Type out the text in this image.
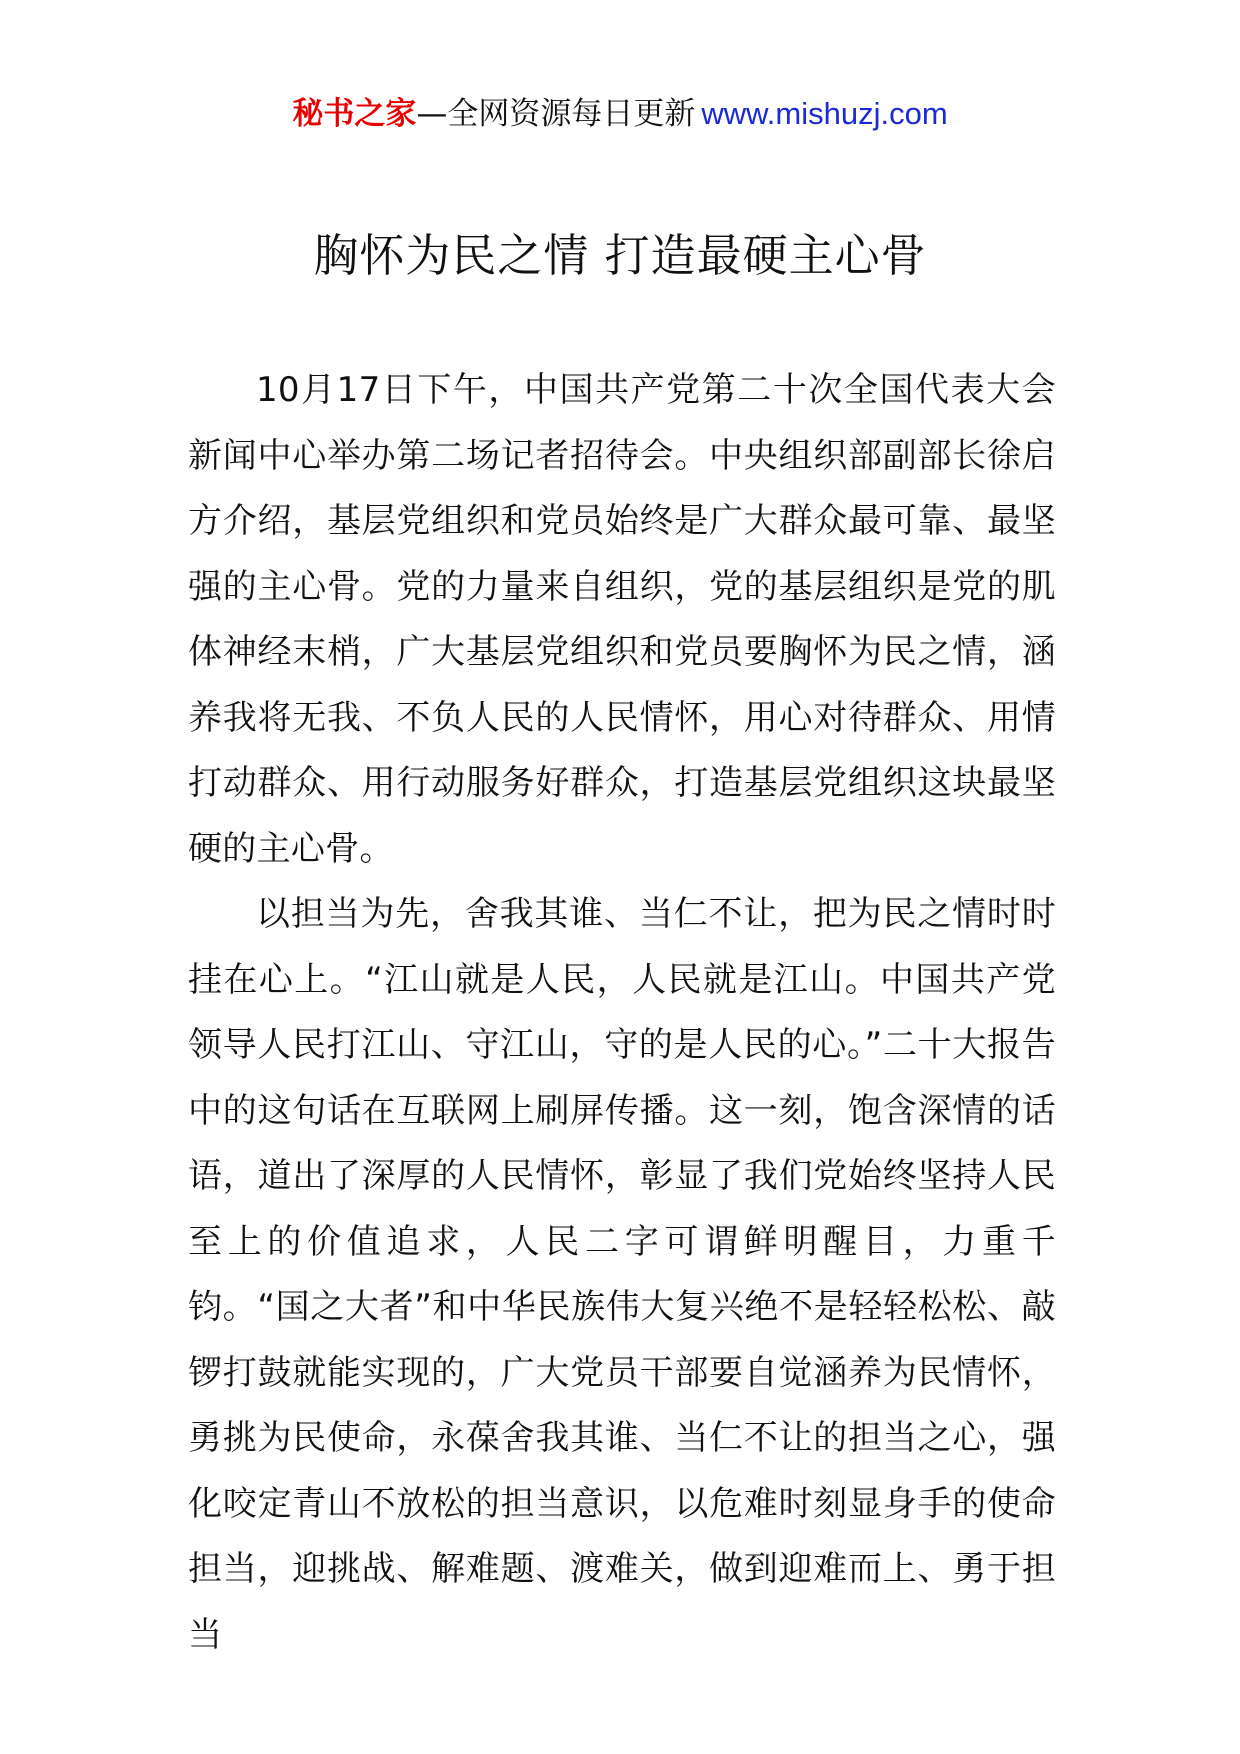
秘书之家—全网资源每日更新 www.mishuzj.com
胸怀为民之情 打造最硬主心骨

10月17日下午，中国共产党第二十次全国代表大会新闻中心举办第二场记者招待会。中央组织部副部长徐启方介绍，基层党组织和党员始终是广大群众最可靠、最坚强的主心骨。党的力量来自组织，党的基层组织是党的肌体神经末梢，广大基层党组织和党员要胸怀为民之情，涵养我将无我、不负人民的人民情怀，用心对待群众、用情打动群众、用行动服务好群众，打造基层党组织这块最坚硬的主心骨。

以担当为先，舍我其谁、当仁不让，把为民之情时时挂在心上。“江山就是人民，人民就是江山。中国共产党领导人民打江山、守江山，守的是人民的心。”二十大报告中的这句话在互联网上刷屏传播。这一刻，饱含深情的话语，道出了深厚的人民情怀，彰显了我们党始终坚持人民至上的价值追求，人民二字可谓鲜明醒目，力重千钧。“国之大者”和中华民族伟大复兴绝不是轻轻松松、敲锣打鼓就能实现的，广大党员干部要自觉涵养为民情怀，勇挑为民使命，永葆舍我其谁、当仁不让的担当之心，强化咬定青山不放松的担当意识，以危难时刻显身手的使命担当，迎挑战、解难题、渡难关，做到迎难而上、勇于担当
